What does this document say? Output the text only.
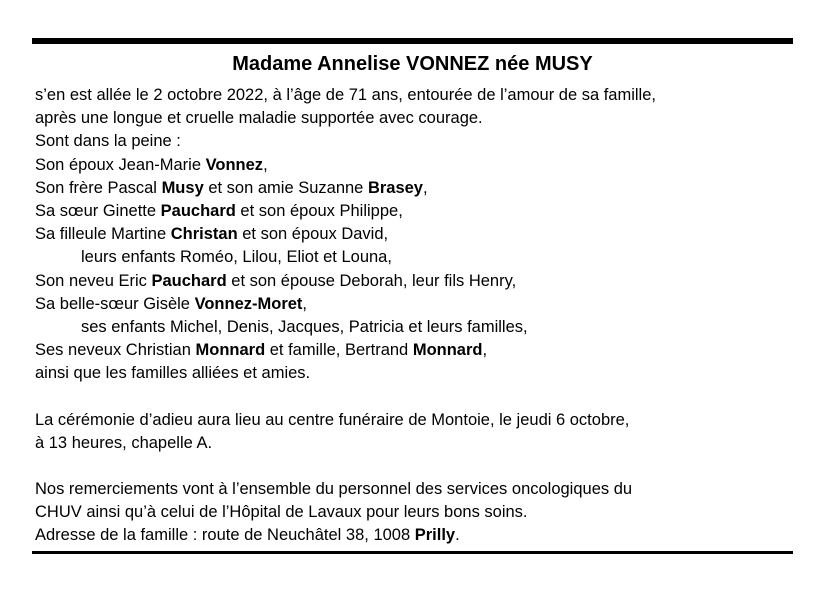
Madame Annelise VONNEZ née MUSY
s’en est allée le 2 octobre 2022, à l’âge de 71 ans, entourée de l’amour de sa famille,
après une longue et cruelle maladie supportée avec courage.
Sont dans la peine :
Son époux Jean-Marie Vonnez,
Son frère Pascal Musy et son amie Suzanne Brasey,
Sa sœur Ginette Pauchard et son époux Philippe,
Sa filleule Martine Christan et son époux David,
leurs enfants Roméo, Lilou, Eliot et Louna,
Son neveu Eric Pauchard et son épouse Deborah, leur fils Henry,
Sa belle-sœur Gisèle Vonnez-Moret,
ses enfants Michel, Denis, Jacques, Patricia et leurs familles,
Ses neveux Christian Monnard et famille, Bertrand Monnard,
ainsi que les familles alliées et amies.
La cérémonie d’adieu aura lieu au centre funéraire de Montoie, le jeudi 6 octobre,
à 13 heures, chapelle A.
Nos remerciements vont à l’ensemble du personnel des services oncologiques du
CHUV ainsi qu’à celui de l’Hôpital de Lavaux pour leurs bons soins.
Adresse de la famille : route de Neuchâtel 38, 1008 Prilly.
